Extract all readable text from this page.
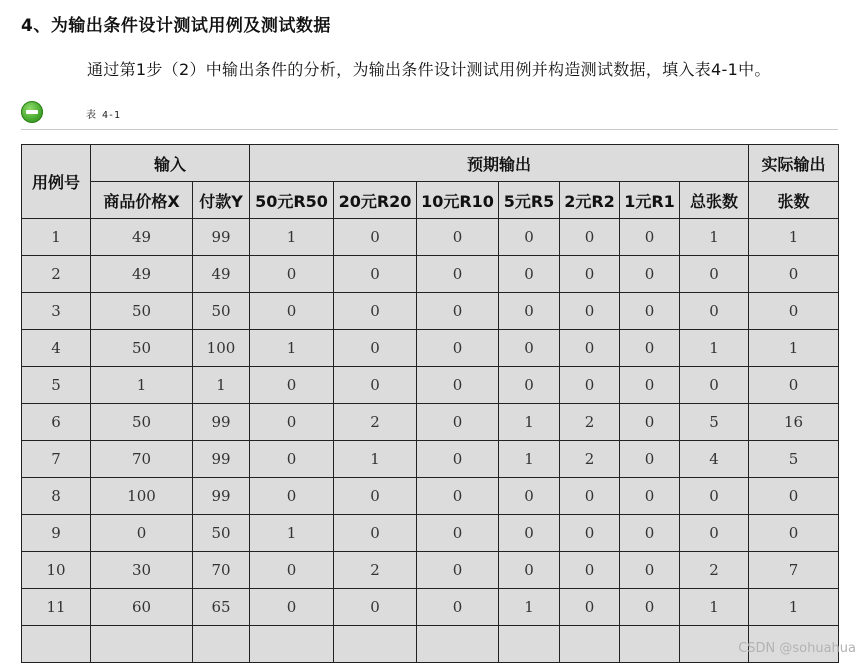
4、为输出条件设计测试用例及测试数据
通过第1步（2）中输出条件的分析，为输出条件设计测试用例并构造测试数据，填入表4-1中。
表 4-1
用例号	输入		预期输出							实际输出
	商品价格X	付款Y	50元R50	20元R20	10元R10	5元R5	2元R2	1元R1	总张数	张数
1	49	99	1	0	0	0	0	0	1	1
2	49	49	0	0	0	0	0	0	0	0
3	50	50	0	0	0	0	0	0	0	0
4	50	100	1	0	0	0	0	0	1	1
5	1	1	0	0	0	0	0	0	0	0
6	50	99	0	2	0	1	2	0	5	16
7	70	99	0	1	0	1	2	0	4	5
8	100	99	0	0	0	0	0	0	0	0
9	0	50	1	0	0	0	0	0	0	0
10	30	70	0	2	0	0	0	0	2	7
11	60	65	0	0	0	1	0	0	1	1

CSDN @sohuahua
